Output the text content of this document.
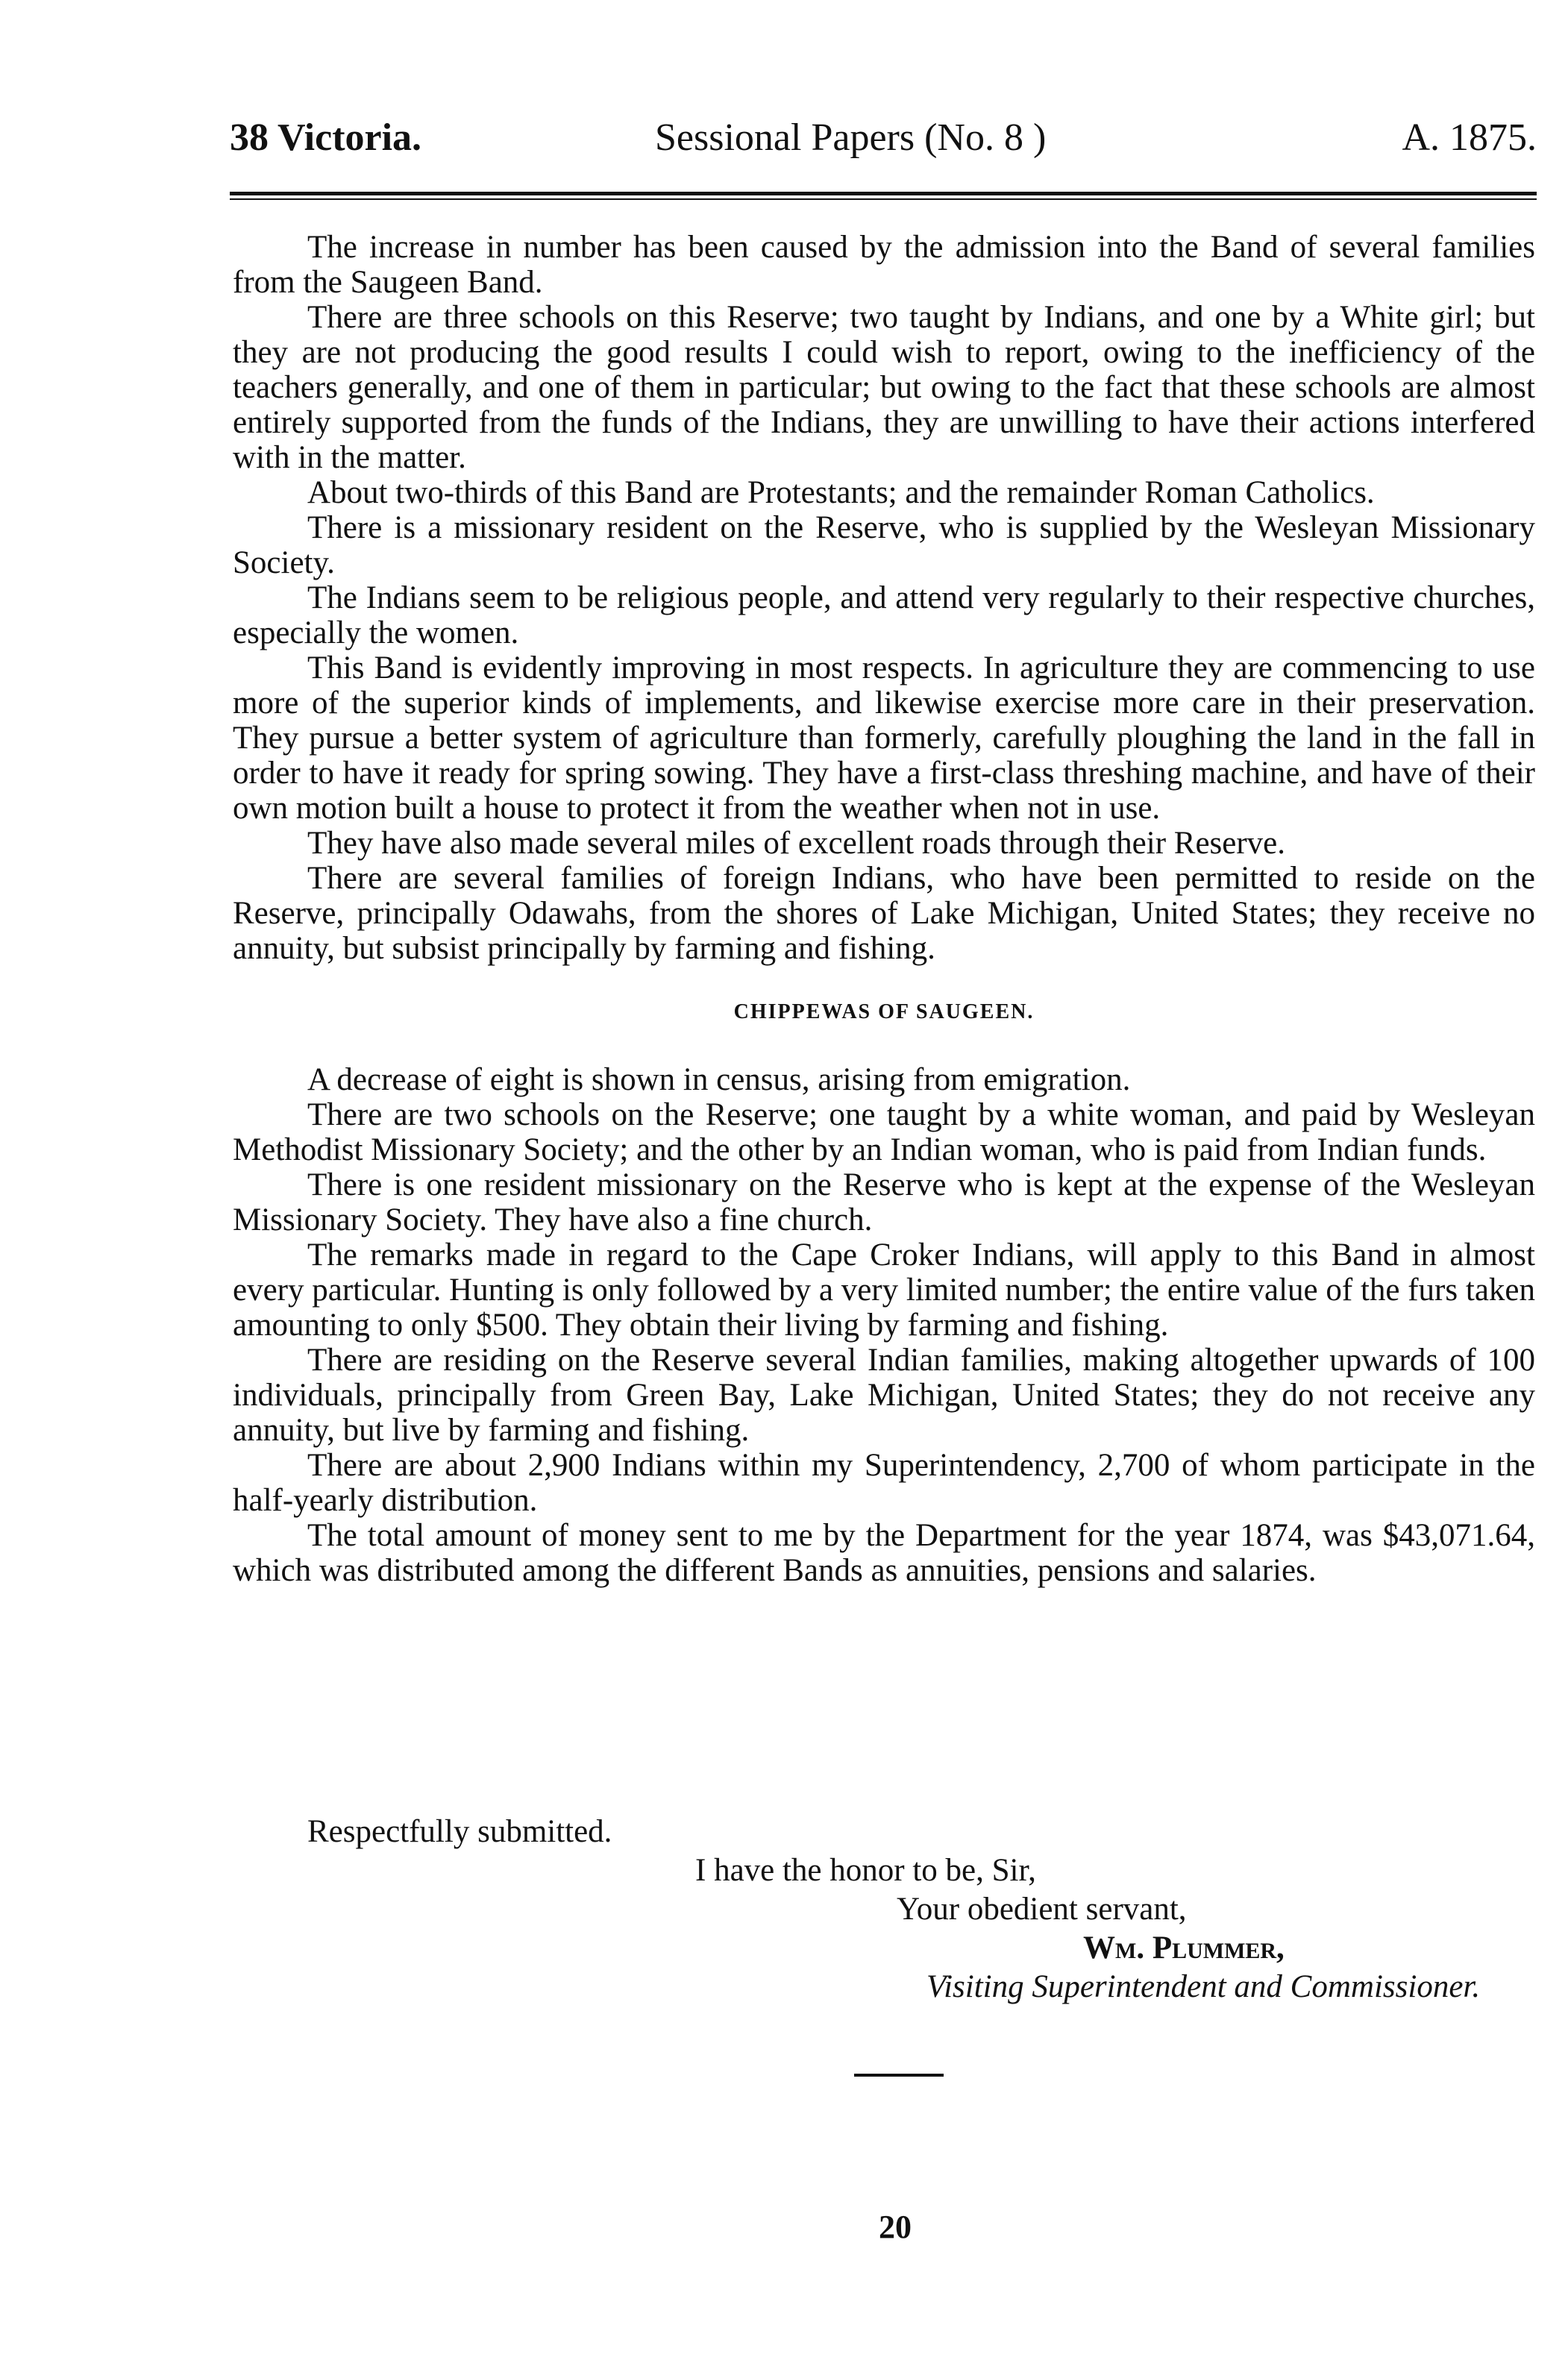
38 Victoria.	Sessional Papers (No. 8 )	A. 1875.

The increase in number has been caused by the admission into the Band of several families from the Saugeen Band.

There are three schools on this Reserve; two taught by Indians, and one by a White girl; but they are not producing the good results I could wish to report, owing to the inefficiency of the teachers generally, and one of them in particular; but owing to the fact that these schools are almost entirely supported from the funds of the Indians, they are unwilling to have their actions interfered with in the matter.

About two-thirds of this Band are Protestants; and the remainder Roman Catholics.

There is a missionary resident on the Reserve, who is supplied by the Wesleyan Missionary Society.

The Indians seem to be religious people, and attend very regularly to their respective churches, especially the women.

This Band is evidently improving in most respects. In agriculture they are commencing to use more of the superior kinds of implements, and likewise exercise more care in their preservation. They pursue a better system of agriculture than formerly, carefully ploughing the land in the fall in order to have it ready for spring sowing. They have a first-class threshing machine, and have of their own motion built a house to protect it from the weather when not in use.

They have also made several miles of excellent roads through their Reserve.

There are several families of foreign Indians, who have been permitted to reside on the Reserve, principally Odawahs, from the shores of Lake Michigan, United States; they receive no annuity, but subsist principally by farming and fishing.

CHIPPEWAS OF SAUGEEN.

A decrease of eight is shown in census, arising from emigration.

There are two schools on the Reserve; one taught by a white woman, and paid by Wesleyan Methodist Missionary Society; and the other by an Indian woman, who is paid from Indian funds.

There is one resident missionary on the Reserve who is kept at the expense of the Wesleyan Missionary Society. They have also a fine church.

The remarks made in regard to the Cape Croker Indians, will apply to this Band in almost every particular. Hunting is only followed by a very limited number; the entire value of the furs taken amounting to only $500. They obtain their living by farming and fishing.

There are residing on the Reserve several Indian families, making altogether upwards of 100 individuals, principally from Green Bay, Lake Michigan, United States; they do not receive any annuity, but live by farming and fishing.

There are about 2,900 Indians within my Superintendency, 2,700 of whom participate in the half-yearly distribution.

The total amount of money sent to me by the Department for the year 1874, was $43,071.64, which was distributed among the different Bands as annuities, pensions and salaries.

Respectfully submitted.
I have the honor to be, Sir,
Your obedient servant,
Wm. Plummer,
Visiting Superintendent and Commissioner.
20
